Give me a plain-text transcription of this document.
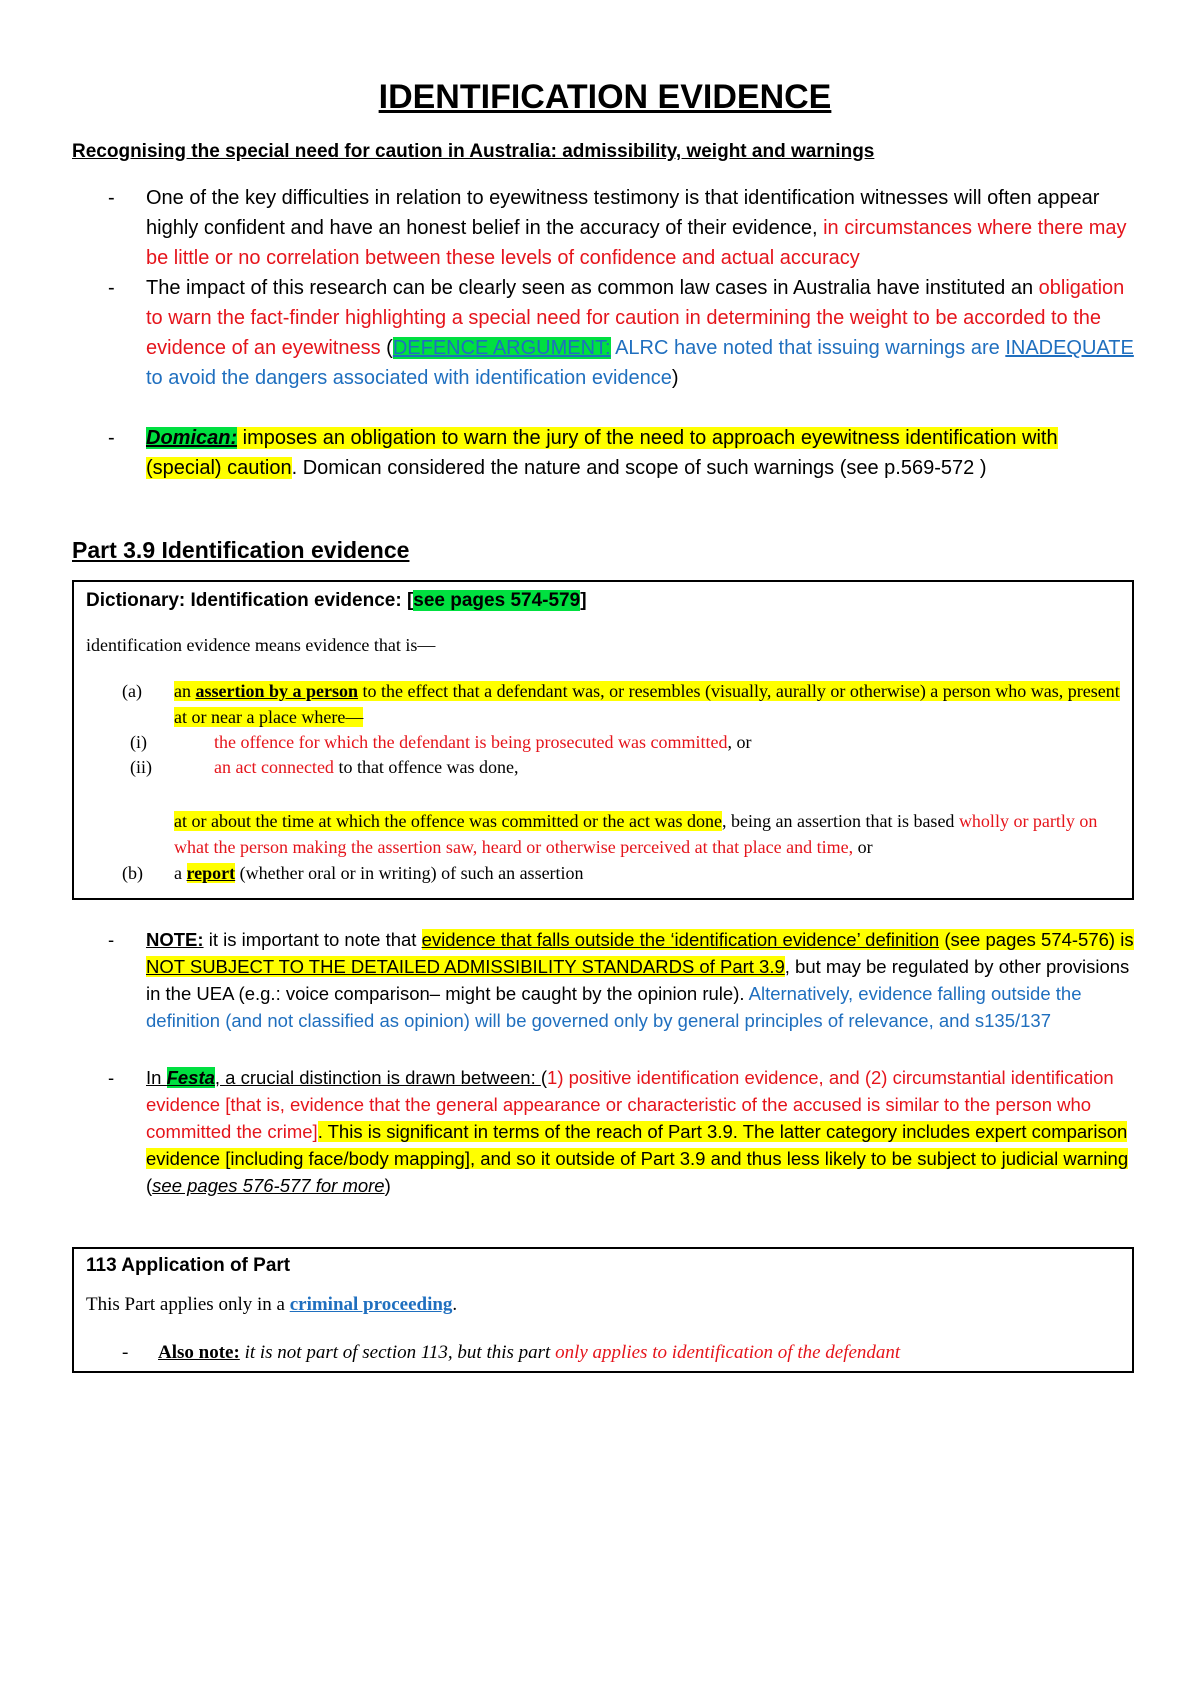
IDENTIFICATION EVIDENCE

Recognising the special need for caution in Australia: admissibility, weight and warnings

- One of the key difficulties in relation to eyewitness testimony is that identification witnesses will often appear highly confident and have an honest belief in the accuracy of their evidence, in circumstances where there may be little or no correlation between these levels of confidence and actual accuracy
- The impact of this research can be clearly seen as common law cases in Australia have instituted an obligation to warn the fact-finder highlighting a special need for caution in determining the weight to be accorded to the evidence of an eyewitness (DEFENCE ARGUMENT: ALRC have noted that issuing warnings are INADEQUATE to avoid the dangers associated with identification evidence)
- Domican: imposes an obligation to warn the jury of the need to approach eyewitness identification with (special) caution. Domican considered the nature and scope of such warnings (see p.569-572 )
Part 3.9 Identification evidence

Dictionary: Identification evidence: [see pages 574-579]

identification evidence means evidence that is—

(a) an assertion by a person to the effect that a defendant was, or resembles (visually, aurally or otherwise) a person who was, present at or near a place where—

(i)	the offence for which the defendant is being prosecuted was committed, or

(ii)	an act connected to that offence was done,

at or about the time at which the offence was committed or the act was done, being an assertion that is based wholly or partly on what the person making the assertion saw, heard or otherwise perceived at that place and time, or

(b) a report (whether oral or in writing) of such an assertion

- NOTE: it is important to note that evidence that falls outside the ‘identification evidence’ definition (see pages 574-576) is NOT SUBJECT TO THE DETAILED ADMISSIBILITY STANDARDS of Part 3.9, but may be regulated by other provisions in the UEA (e.g.: voice comparison– might be caught by the opinion rule). Alternatively, evidence falling outside the definition (and not classified as opinion) will be governed only by general principles of relevance, and s135/137
- In Festa, a crucial distinction is drawn between: (1) positive identification evidence, and (2) circumstantial identification evidence [that is, evidence that the general appearance or characteristic of the accused is similar to the person who committed the crime]. This is significant in terms of the reach of Part 3.9. The latter category includes expert comparison evidence [including face/body mapping], and so it outside of Part 3.9 and thus less likely to be subject to judicial warning (see pages 576-577 for more)

113 Application of Part

This Part applies only in a criminal proceeding.

- Also note: it is not part of section 113, but this part only applies to identification of the defendant
